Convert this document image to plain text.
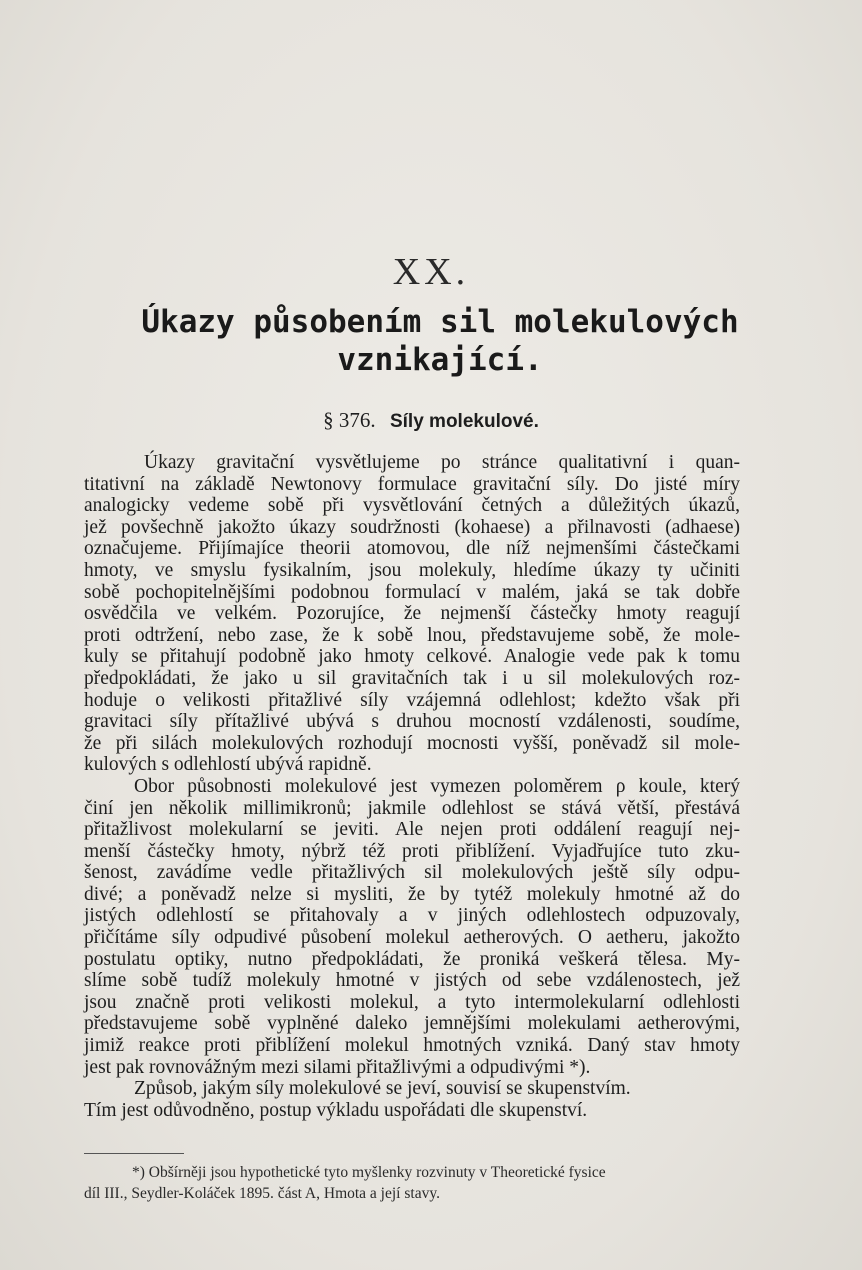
XX.
Úkazy působením sil molekulových
vznikající.
§ 376. Síly molekulové.
Úkazy gravitační vysvětlujeme po stránce qualitativní i quan-
titativní na základě Newtonovy formulace gravitační síly. Do jisté míry
analogicky vedeme sobě při vysvětlování četných a důležitých úkazů,
jež povšechně jakožto úkazy soudržnosti (kohaese) a přilnavosti (adhaese)
označujeme. Přijímajíce theorii atomovou, dle níž nejmenšími částečkami
hmoty, ve smyslu fysikalním, jsou molekuly, hledíme úkazy ty učiniti
sobě pochopitelnějšími podobnou formulací v malém, jaká se tak dobře
osvědčila ve velkém. Pozorujíce, že nejmenší částečky hmoty reagují
proti odtržení, nebo zase, že k sobě lnou, představujeme sobě, že mole-
kuly se přitahují podobně jako hmoty celkové. Analogie vede pak k tomu
předpokládati, že jako u sil gravitačních tak i u sil molekulových roz-
hoduje o velikosti přitažlivé síly vzájemná odlehlost; kdežto však při
gravitaci síly přítažlivé ubývá s druhou mocností vzdálenosti, soudíme,
že při silách molekulových rozhodují mocnosti vyšší, poněvadž sil mole-
kulových s odlehlostí ubývá rapidně.
Obor působnosti molekulové jest vymezen poloměrem ρ koule, který
činí jen několik millimikronů; jakmile odlehlost se stává větší, přestává
přitažlivost molekularní se jeviti. Ale nejen proti oddálení reagují nej-
menší částečky hmoty, nýbrž též proti přiblížení. Vyjadřujíce tuto zku-
šenost, zavádíme vedle přitažlivých sil molekulových ještě síly odpu-
divé; a poněvadž nelze si mysliti, že by tytéž molekuly hmotné až do
jistých odlehlostí se přitahovaly a v jiných odlehlostech odpuzovaly,
přičítáme síly odpudivé působení molekul aetherových. O aetheru, jakožto
postulatu optiky, nutno předpokládati, že proniká veškerá tělesa. My-
slíme sobě tudíž molekuly hmotné v jistých od sebe vzdálenostech, jež
jsou značně proti velikosti molekul, a tyto intermolekularní odlehlosti
představujeme sobě vyplněné daleko jemnějšími molekulami aetherovými,
jimiž reakce proti přiblížení molekul hmotných vzniká. Daný stav hmoty
jest pak rovnovážným mezi silami přitažlivými a odpudivými *).
Způsob, jakým síly molekulové se jeví, souvisí se skupenstvím.
Tím jest odůvodněno, postup výkladu uspořádati dle skupenství.
*) Obšírněji jsou hypothetické tyto myšlenky rozvinuty v Theoretické fysice
díl III., Seydler-Koláček 1895. část A, Hmota a její stavy.
